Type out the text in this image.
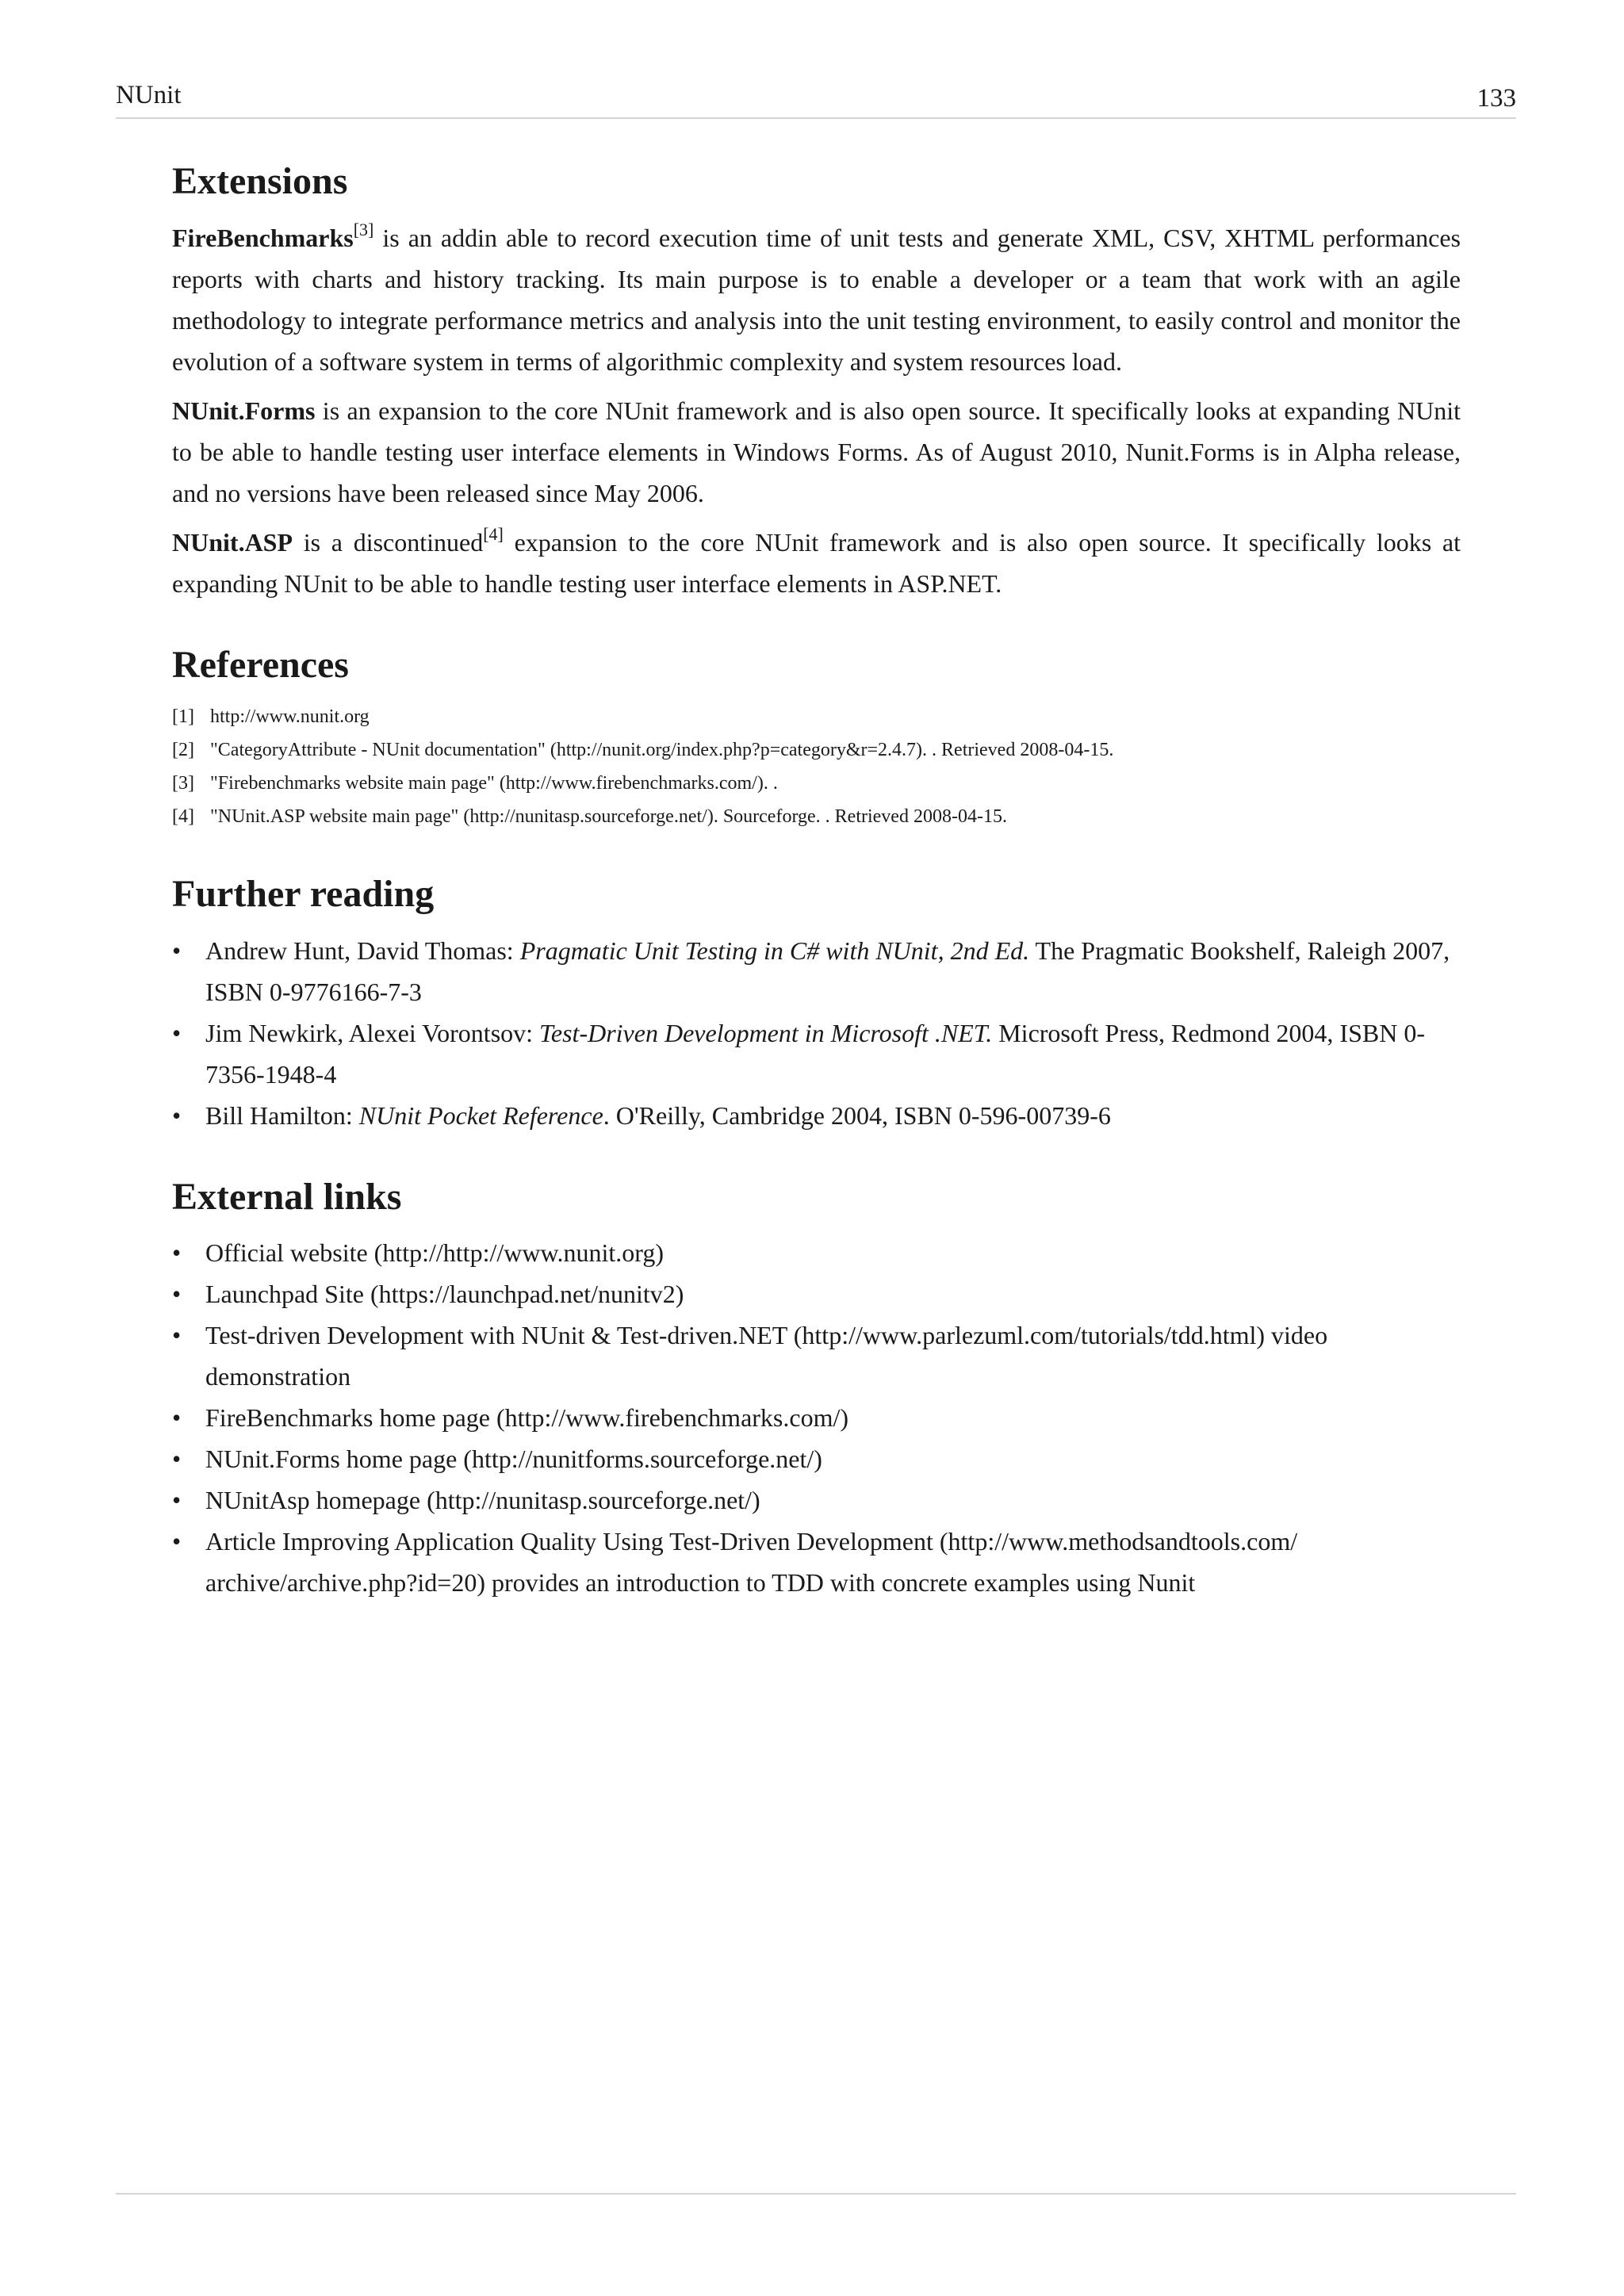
NUnit	133
Extensions

FireBenchmarks[3] is an addin able to record execution time of unit tests and generate XML, CSV, XHTML performances reports with charts and history tracking. Its main purpose is to enable a developer or a team that work with an agile methodology to integrate performance metrics and analysis into the unit testing environment, to easily control and monitor the evolution of a software system in terms of algorithmic complexity and system resources load.

NUnit.Forms is an expansion to the core NUnit framework and is also open source. It specifically looks at expanding NUnit to be able to handle testing user interface elements in Windows Forms. As of August 2010, Nunit.Forms is in Alpha release, and no versions have been released since May 2006.

NUnit.ASP is a discontinued[4] expansion to the core NUnit framework and is also open source. It specifically looks at expanding NUnit to be able to handle testing user interface elements in ASP.NET.

References
[1] http://www.nunit.org
[2] "CategoryAttribute - NUnit documentation" (http://nunit.org/index.php?p=category&r=2.4.7). . Retrieved 2008-04-15.
[3] "Firebenchmarks website main page" (http://www.firebenchmarks.com/). .
[4] "NUnit.ASP website main page" (http://nunitasp.sourceforge.net/). Sourceforge. . Retrieved 2008-04-15.
Further reading
• Andrew Hunt, David Thomas: Pragmatic Unit Testing in C# with NUnit, 2nd Ed. The Pragmatic Bookshelf, Raleigh 2007, ISBN 0-9776166-7-3
• Jim Newkirk, Alexei Vorontsov: Test-Driven Development in Microsoft .NET. Microsoft Press, Redmond 2004, ISBN 0-7356-1948-4
• Bill Hamilton: NUnit Pocket Reference. O'Reilly, Cambridge 2004, ISBN 0-596-00739-6
External links
• Official website (http://http://www.nunit.org)
• Launchpad Site (https://launchpad.net/nunitv2)
• Test-driven Development with NUnit & Test-driven.NET (http://www.parlezuml.com/tutorials/tdd.html) video demonstration
• FireBenchmarks home page (http://www.firebenchmarks.com/)
• NUnit.Forms home page (http://nunitforms.sourceforge.net/)
• NUnitAsp homepage (http://nunitasp.sourceforge.net/)
• Article Improving Application Quality Using Test-Driven Development (http://www.methodsandtools.com/ archive/archive.php?id=20) provides an introduction to TDD with concrete examples using Nunit
